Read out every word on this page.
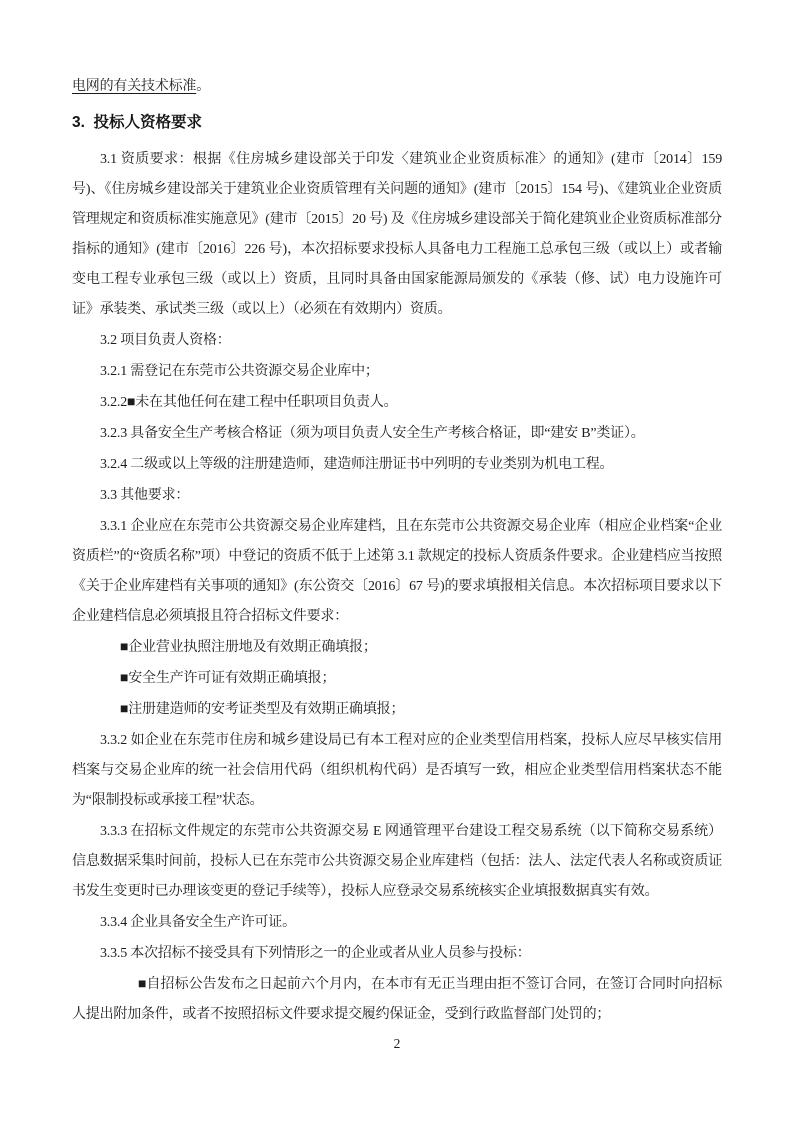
电网的有关技术标准。

3.  投标人资格要求

3.1 资质要求：根据《住房城乡建设部关于印发〈建筑业企业资质标准〉的通知》(建市〔2014〕159 号)、《住房城乡建设部关于建筑业企业资质管理有关问题的通知》(建市〔2015〕154 号)、《建筑业企业资质管理规定和资质标准实施意见》(建市〔2015〕20 号) 及《住房城乡建设部关于简化建筑业企业资质标准部分指标的通知》(建市〔2016〕226 号)，本次招标要求投标人具备电力工程施工总承包三级（或以上）或者输变电工程专业承包三级（或以上）资质，且同时具备由国家能源局颁发的《承装（修、试）电力设施许可证》承装类、承试类三级（或以上）（必须在有效期内）资质。

3.2 项目负责人资格：

3.2.1 需登记在东莞市公共资源交易企业库中；

3.2.2■未在其他任何在建工程中任职项目负责人。

3.2.3 具备安全生产考核合格证（须为项目负责人安全生产考核合格证，即“建安 B”类证）。

3.2.4 二级或以上等级的注册建造师，建造师注册证书中列明的专业类别为机电工程。

3.3 其他要求：

3.3.1 企业应在东莞市公共资源交易企业库建档，且在东莞市公共资源交易企业库（相应企业档案“企业资质栏”的“资质名称”项）中登记的资质不低于上述第 3.1 款规定的投标人资质条件要求。企业建档应当按照《关于企业库建档有关事项的通知》(东公资交〔2016〕67 号)的要求填报相关信息。本次招标项目要求以下企业建档信息必须填报且符合招标文件要求：

■企业营业执照注册地及有效期正确填报；

■安全生产许可证有效期正确填报；

■注册建造师的安考证类型及有效期正确填报；

3.3.2 如企业在东莞市住房和城乡建设局已有本工程对应的企业类型信用档案，投标人应尽早核实信用档案与交易企业库的统一社会信用代码（组织机构代码）是否填写一致，相应企业类型信用档案状态不能为“限制投标或承接工程”状态。

3.3.3 在招标文件规定的东莞市公共资源交易 E 网通管理平台建设工程交易系统（以下简称交易系统）信息数据采集时间前，投标人已在东莞市公共资源交易企业库建档（包括：法人、法定代表人名称或资质证书发生变更时已办理该变更的登记手续等），投标人应登录交易系统核实企业填报数据真实有效。

3.3.4 企业具备安全生产许可证。

3.3.5 本次招标不接受具有下列情形之一的企业或者从业人员参与投标：

■自招标公告发布之日起前六个月内，在本市有无正当理由拒不签订合同，在签订合同时向招标人提出附加条件，或者不按照招标文件要求提交履约保证金，受到行政监督部门处罚的；

2
